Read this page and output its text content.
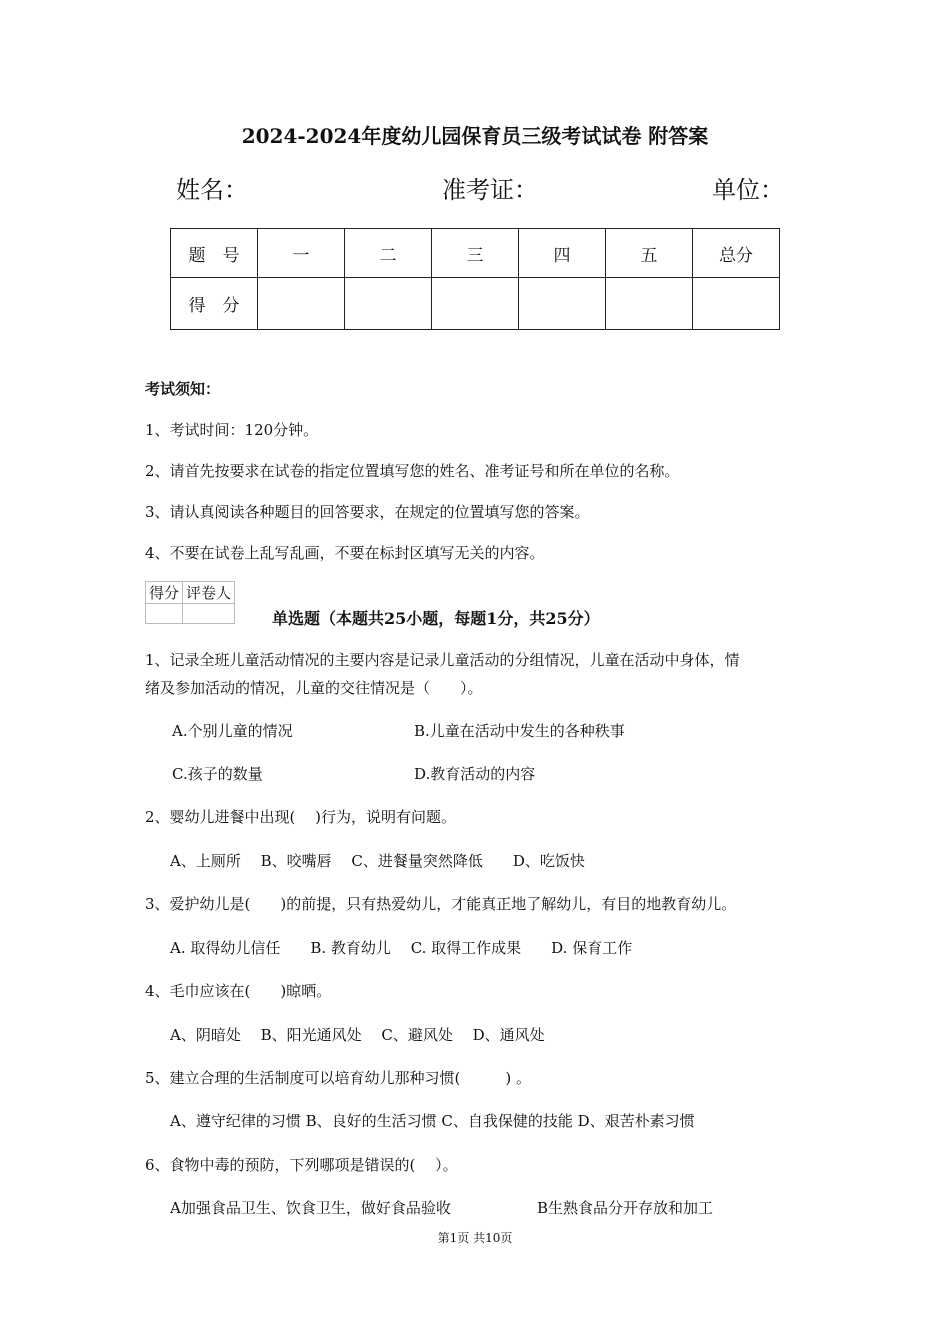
2024-2024年度幼儿园保育员三级考试试卷 附答案
姓名：	准考证：	单位：
题　号	一	二	三	四	五	总分
得　分						
考试须知：
1、考试时间：120分钟。
2、请首先按要求在试卷的指定位置填写您的姓名、准考证号和所在单位的名称。
3、请认真阅读各种题目的回答要求，在规定的位置填写您的答案。
4、不要在试卷上乱写乱画，不要在标封区填写无关的内容。
得分	评卷人

单选题（本题共25小题，每题1分，共25分）
1、记录全班儿童活动情况的主要内容是记录儿童活动的分组情况，儿童在活动中身体，情
绪及参加活动的情况，儿童的交往情况是（　　）。
A.个别儿童的情况	B.儿童在活动中发生的各种秩事
C.孩子的数量	D.教育活动的内容
2、婴幼儿进餐中出现(　 )行为，说明有问题。
A、上厕所　 B、咬嘴唇　 C、进餐量突然降低　　D、吃饭快
3、爱护幼儿是(　　)的前提，只有热爱幼儿，才能真正地了解幼儿，有目的地教育幼儿。
A. 取得幼儿信任　　B. 教育幼儿　 C. 取得工作成果　　D. 保育工作
4、毛巾应该在(　　)晾晒。
A、阴暗处　 B、阳光通风处　 C、避风处　 D、通风处
5、建立合理的生活制度可以培育幼儿那种习惯(　　　) 。
A、遵守纪律的习惯 B、良好的生活习惯 C、自我保健的技能 D、艰苦朴素习惯
6、食物中毒的预防，下列哪项是错误的(　 ）。
A加强食品卫生、饮食卫生，做好食品验收	B生熟食品分开存放和加工
第1页 共10页
